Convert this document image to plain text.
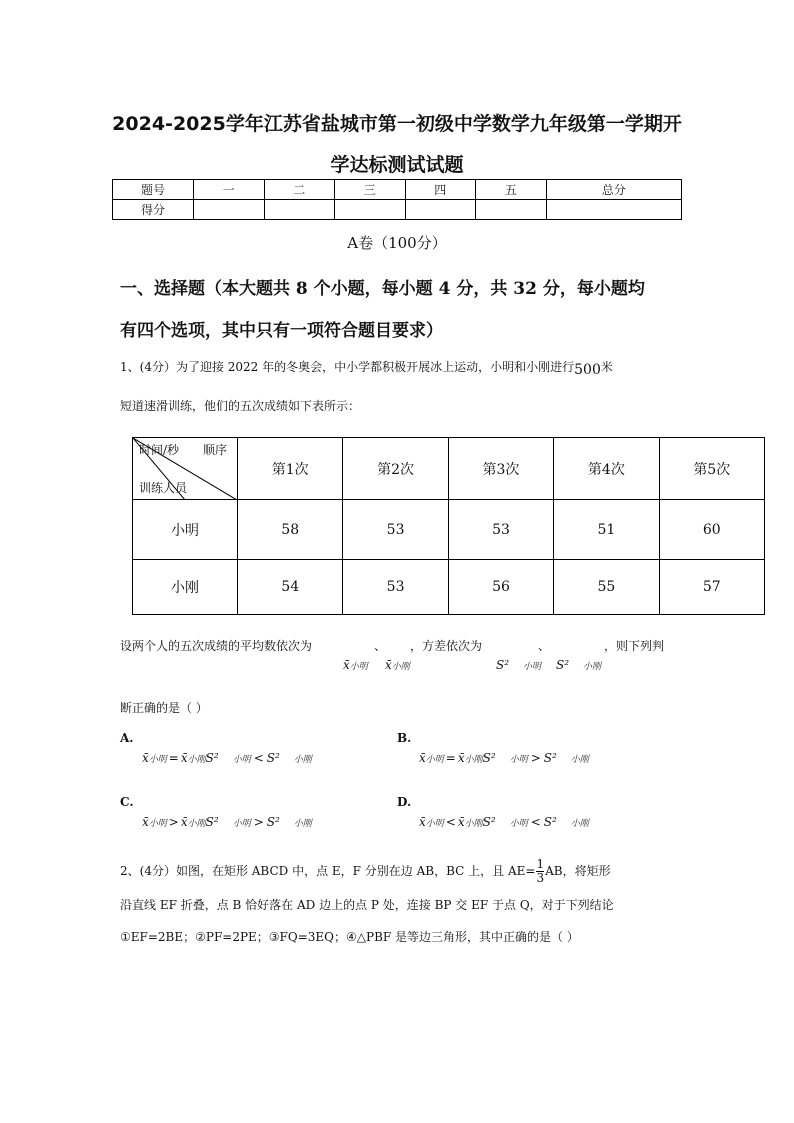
2024-2025学年江苏省盐城市第一初级中学数学九年级第一学期开
学达标测试试题
题号	一	二	三	四	五	总分
得分						
A卷（100分）
一、选择题（本大题共 8 个小题，每小题 4 分，共 32 分，每小题均
有四个选项，其中只有一项符合题目要求）
1、(4分）为了迎接 2022 年的冬奥会，中小学都积极开展冰上运动，小明和小刚进行500米
短道速滑训练，他们的五次成绩如下表所示：
时间/秒 顺序
训练人员	第1次	第2次	第3次	第4次	第5次
小明	58	53	53	51	60
小刚	54	53	56	55	57
设两个人的五次成绩的平均数依次为	、 ，方差依次为	、	，则下列判
x̄小明 x̄小刚	S² 小明 S² 小刚
断正确的是（ ）
A.
x̄小明 = x̄小刚S² 小明 < S² 小刚
B.
x̄小明 = x̄小刚S² 小明 > S² 小刚
C.
x̄小明 > x̄小刚S² 小明 > S² 小刚
D.
x̄小明 < x̄小刚S² 小明 < S² 小刚
2、(4分）如图，在矩形 ABCD 中，点 E，F 分别在边 AB，BC 上，且 $AE= \frac{1}{3}$ AB，将矩形
沿直线 EF 折叠，点 B 恰好落在 AD 边上的点 P 处，连接 BP 交 EF 于点 Q，对于下列结论
①EF=2BE；②PF=2PE；③FQ=3EQ；④△PBF 是等边三角形，其中正确的是（ ）
